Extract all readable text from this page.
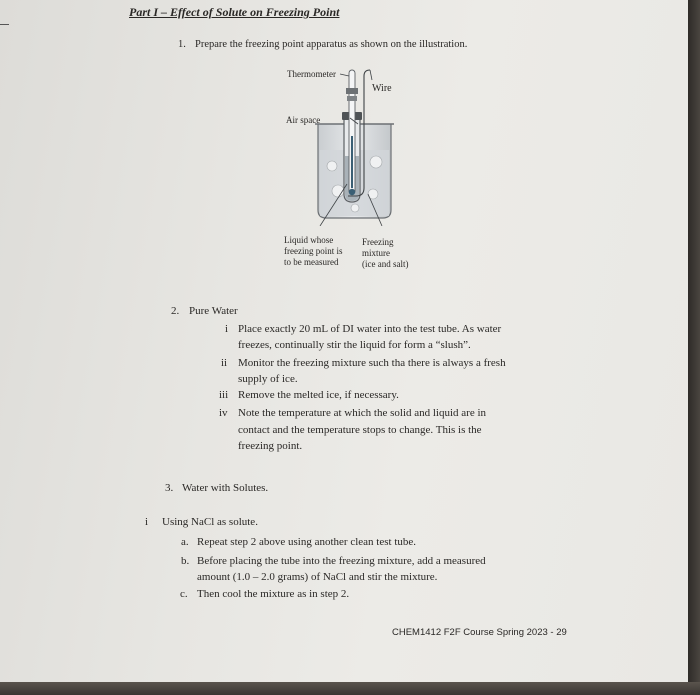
Part I – Effect of Solute on Freezing Point
1. Prepare the freezing point apparatus as shown on the illustration.
Thermometer
Wire
Air space
Liquid whose
freezing point is
to be measured
Freezing
mixture
(ice and salt)
2. Pure Water
i Place exactly 20 mL of DI water into the test tube. As water
freezes, continually stir the liquid for form a “slush”.
ii Monitor the freezing mixture such tha there is always a fresh
supply of ice.
iii Remove the melted ice, if necessary.
iv Note the temperature at which the solid and liquid are in
contact and the temperature stops to change. This is the
freezing point.
3. Water with Solutes.
i Using NaCl as solute.
a. Repeat step 2 above using another clean test tube.
b. Before placing the tube into the freezing mixture, add a measured
amount (1.0 – 2.0 grams) of NaCl and stir the mixture.
c. Then cool the mixture as in step 2.
CHEM1412 F2F Course Spring 2023 - 29
